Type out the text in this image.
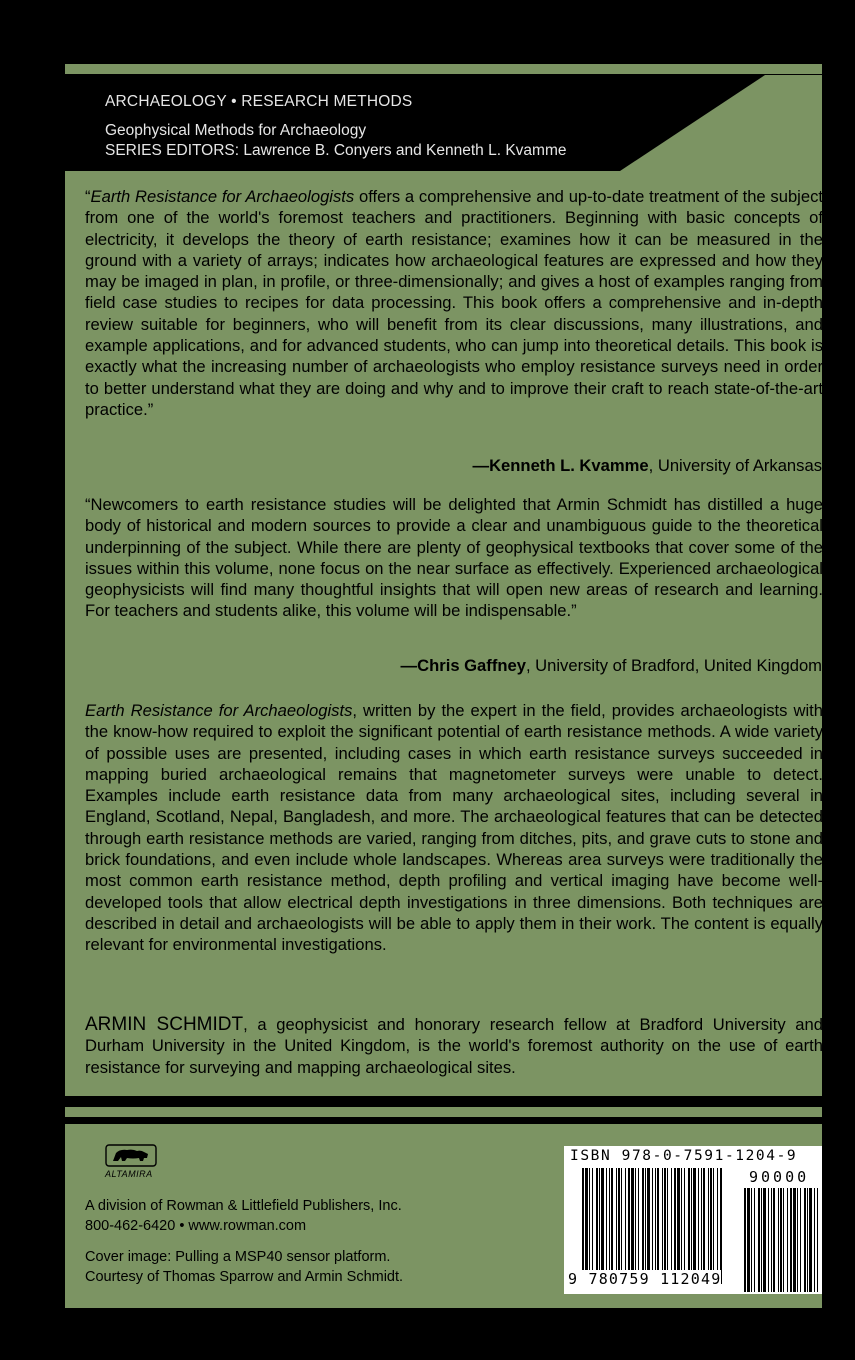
ARCHAEOLOGY • RESEARCH METHODS
Geophysical Methods for Archaeology
SERIES EDITORS: Lawrence B. Conyers and Kenneth L. Kvamme

“Earth Resistance for Archaeologists offers a comprehensive and up-to-date treatment of the subject from one of the world's foremost teachers and practitioners. Beginning with basic concepts of electricity, it develops the theory of earth resistance; examines how it can be measured in the ground with a variety of arrays; indicates how archaeological features are expressed and how they may be imaged in plan, in profile, or three-dimensionally; and gives a host of examples ranging from field case studies to recipes for data processing. This book offers a comprehensive and in-depth review suitable for beginners, who will benefit from its clear discussions, many illustrations, and example applications, and for advanced students, who can jump into theoretical details. This book is exactly what the increasing number of archaeologists who employ resistance surveys need in order to better understand what they are doing and why and to improve their craft to reach state-of-the-art practice.”

—Kenneth L. Kvamme, University of Arkansas

“Newcomers to earth resistance studies will be delighted that Armin Schmidt has distilled a huge body of historical and modern sources to provide a clear and unambiguous guide to the theoretical underpinning of the subject. While there are plenty of geophysical textbooks that cover some of the issues within this volume, none focus on the near surface as effectively. Experienced archaeological geophysicists will find many thoughtful insights that will open new areas of research and learning. For teachers and students alike, this volume will be indispensable.”

—Chris Gaffney, University of Bradford, United Kingdom

Earth Resistance for Archaeologists, written by the expert in the field, provides archaeologists with the know-how required to exploit the significant potential of earth resistance methods. A wide variety of possible uses are presented, including cases in which earth resistance surveys succeeded in mapping buried archaeological remains that magnetometer surveys were unable to detect. Examples include earth resistance data from many archaeological sites, including several in England, Scotland, Nepal, Bangladesh, and more. The archaeological features that can be detected through earth resistance methods are varied, ranging from ditches, pits, and grave cuts to stone and brick foundations, and even include whole landscapes. Whereas area surveys were traditionally the most common earth resistance method, depth profiling and vertical imaging have become well-developed tools that allow electrical depth investigations in three dimensions. Both techniques are described in detail and archaeologists will be able to apply them in their work. The content is equally relevant for environmental investigations.

ARMIN SCHMIDT, a geophysicist and honorary research fellow at Bradford University and Durham University in the United Kingdom, is the world's foremost authority on the use of earth resistance for surveying and mapping archaeological sites.

ALTAMIRA
A division of Rowman & Littlefield Publishers, Inc.
800-462-6420 • www.rowman.com
Cover image: Pulling a MSP40 sensor platform.
Courtesy of Thomas Sparrow and Armin Schmidt.
ISBN 978-0-7591-1204-9
90000
9 780759 112049
